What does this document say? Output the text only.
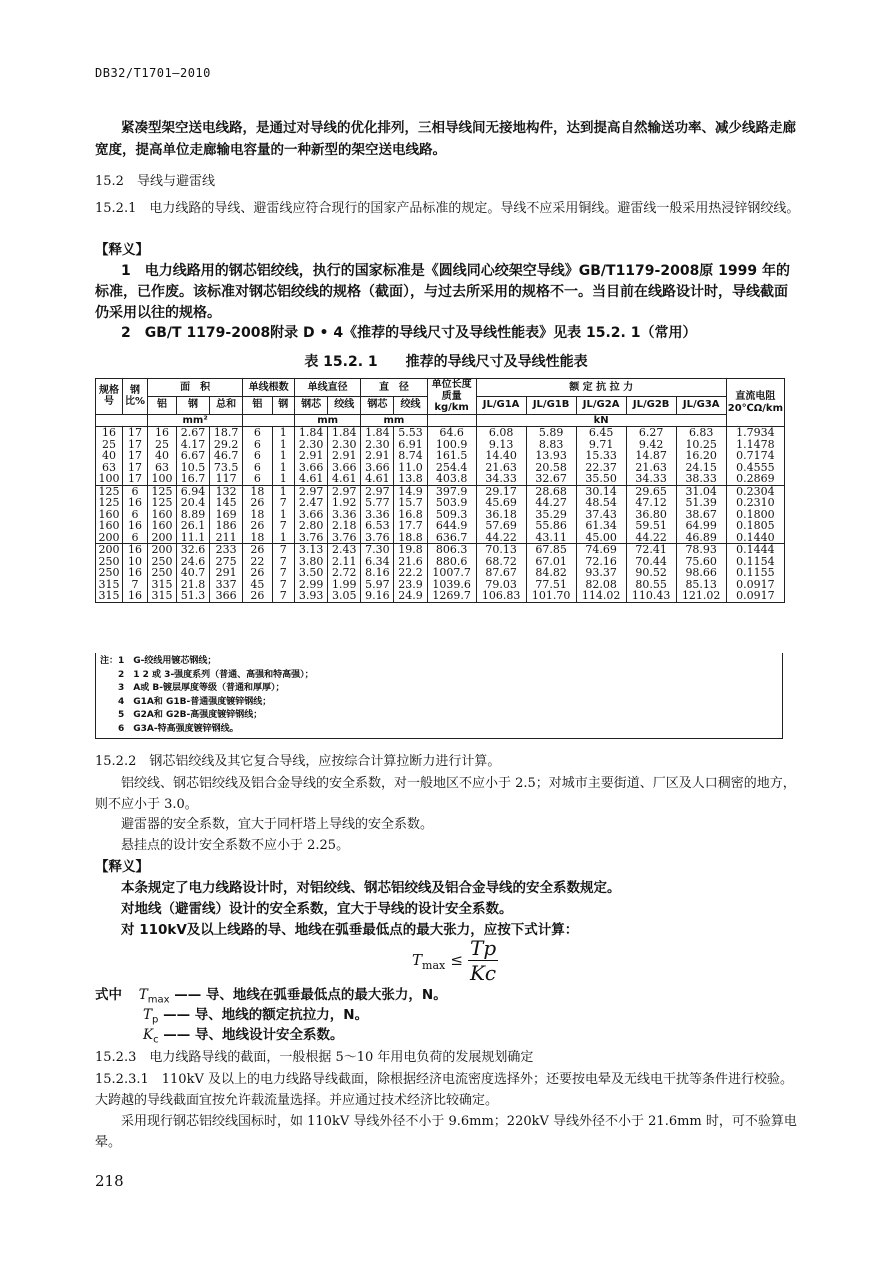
DB32/T1701—2010
紧凑型架空送电线路，是通过对导线的优化排列，三相导线间无接地构件，达到提高自然输送功率、减少线路走廊宽度，提高单位走廊输电容量的一种新型的架空送电线路。
15.2　导线与避雷线
15.2.1　电力线路的导线、避雷线应符合现行的国家产品标准的规定。导线不应采用铜线。避雷线一般采用热浸锌钢绞线。
【释义】
1　电力线路用的钢芯铝绞线，执行的国家标准是《圆线同心绞架空导线》GB/T1179-2008原 1999 年的标准，已作废。该标准对钢芯铝绞线的规格（截面），与过去所采用的规格不一。当目前在线路设计时，导线截面仍采用以往的规格。
2　GB/T 1179-2008附录 D • 4《推荐的导线尺寸及导线性能表》见表 15.2. 1（常用）
表 15.2. 1　　推荐的导线尺寸及导线性能表
规格号	钢比%	面　积			单线根数		单线直径		直　径		单位长度质量kg/km	额 定 抗 拉 力					直流电阻20℃Ω/km
		铝	钢	总和	铝	钢	钢芯	绞线	钢芯	绞线		JL/G1A	JL/G1B	JL/G2A	JL/G2B	JL/G3A	
		mm²					mm		mm			kN					
16	17	16	2.67	18.7	6	1	1.84	1.84	1.84	5.53	64.6	6.08	5.89	6.45	6.27	6.83	1.7934
25	17	25	4.17	29.2	6	1	2.30	2.30	2.30	6.91	100.9	9.13	8.83	9.71	9.42	10.25	1.1478
40	17	40	6.67	46.7	6	1	2.91	2.91	2.91	8.74	161.5	14.40	13.93	15.33	14.87	16.20	0.7174
63	17	63	10.5	73.5	6	1	3.66	3.66	3.66	11.0	254.4	21.63	20.58	22.37	21.63	24.15	0.4555
100	17	100	16.7	117	6	1	4.61	4.61	4.61	13.8	403.8	34.33	32.67	35.50	34.33	38.33	0.2869
125	6	125	6.94	132	18	1	2.97	2.97	2.97	14.9	397.9	29.17	28.68	30.14	29.65	31.04	0.2304
125	16	125	20.4	145	26	7	2.47	1.92	5.77	15.7	503.9	45.69	44.27	48.54	47.12	51.39	0.2310
160	6	160	8.89	169	18	1	3.66	3.36	3.36	16.8	509.3	36.18	35.29	37.43	36.80	38.67	0.1800
160	16	160	26.1	186	26	7	2.80	2.18	6.53	17.7	644.9	57.69	55.86	61.34	59.51	64.99	0.1805
200	6	200	11.1	211	18	1	3.76	3.76	3.76	18.8	636.7	44.22	43.11	45.00	44.22	46.89	0.1440
200	16	200	32.6	233	26	7	3.13	2.43	7.30	19.8	806.3	70.13	67.85	74.69	72.41	78.93	0.1444
250	10	250	24.6	275	22	7	3.80	2.11	6.34	21.6	880.6	68.72	67.01	72.16	70.44	75.60	0.1154
250	16	250	40.7	291	26	7	3.50	2.72	8.16	22.2	1007.7	87.67	84.82	93.37	90.52	98.66	0.1155
315	7	315	21.8	337	45	7	2.99	1.99	5.97	23.9	1039.6	79.03	77.51	82.08	80.55	85.13	0.0917
315	16	315	51.3	366	26	7	3.93	3.05	9.16	24.9	1269.7	106.83	101.70	114.02	110.43	121.02	0.0917
注：1　G-绞线用镀芯钢线；
　　2　1 2 或 3-强度系列（普通、高强和特高强）；
　　3　A或 B-镀层厚度等级（普通和厚厚）；
　　4　G1A和 G1B-普通强度镀锌钢线；
　　5　G2A和 G2B-高强度镀锌钢线；
　　6　G3A-特高强度镀锌钢线。
15.2.2　钢芯铝绞线及其它复合导线，应按综合计算拉断力进行计算。
铝绞线、钢芯铝绞线及铝合金导线的安全系数，对一般地区不应小于 2.5；对城市主要街道、厂区及人口稠密的地方，则不应小于 3.0。
避雷器的安全系数，宜大于同杆塔上导线的安全系数。
悬挂点的设计安全系数不应小于 2.25。
【释义】
本条规定了电力线路设计时，对铝绞线、钢芯铝绞线及铝合金导线的安全系数规定。
对地线（避雷线）设计的安全系数，宜大于导线的设计安全系数。
对 110kV及以上线路的导、地线在弧垂最低点的最大张力，应按下式计算：
$T_{max} \le \frac{Tp}{Kc}$
式中 $T_{max}$ —— 导、地线在弧垂最低点的最大张力，N。
$T_p$ —— 导、地线的额定抗拉力，N。
$K_c$ —— 导、地线设计安全系数。
15.2.3　电力线路导线的截面，一般根据 5～10 年用电负荷的发展规划确定
15.2.3.1　110kV 及以上的电力线路导线截面，除根据经济电流密度选择外；还要按电晕及无线电干扰等条件进行校验。大跨越的导线截面宜按允许载流量选择。并应通过技术经济比较确定。
采用现行钢芯铝绞线国标时，如 110kV 导线外径不小于 9.6mm；220kV 导线外径不小于 21.6mm 时，可不验算电晕。
218
